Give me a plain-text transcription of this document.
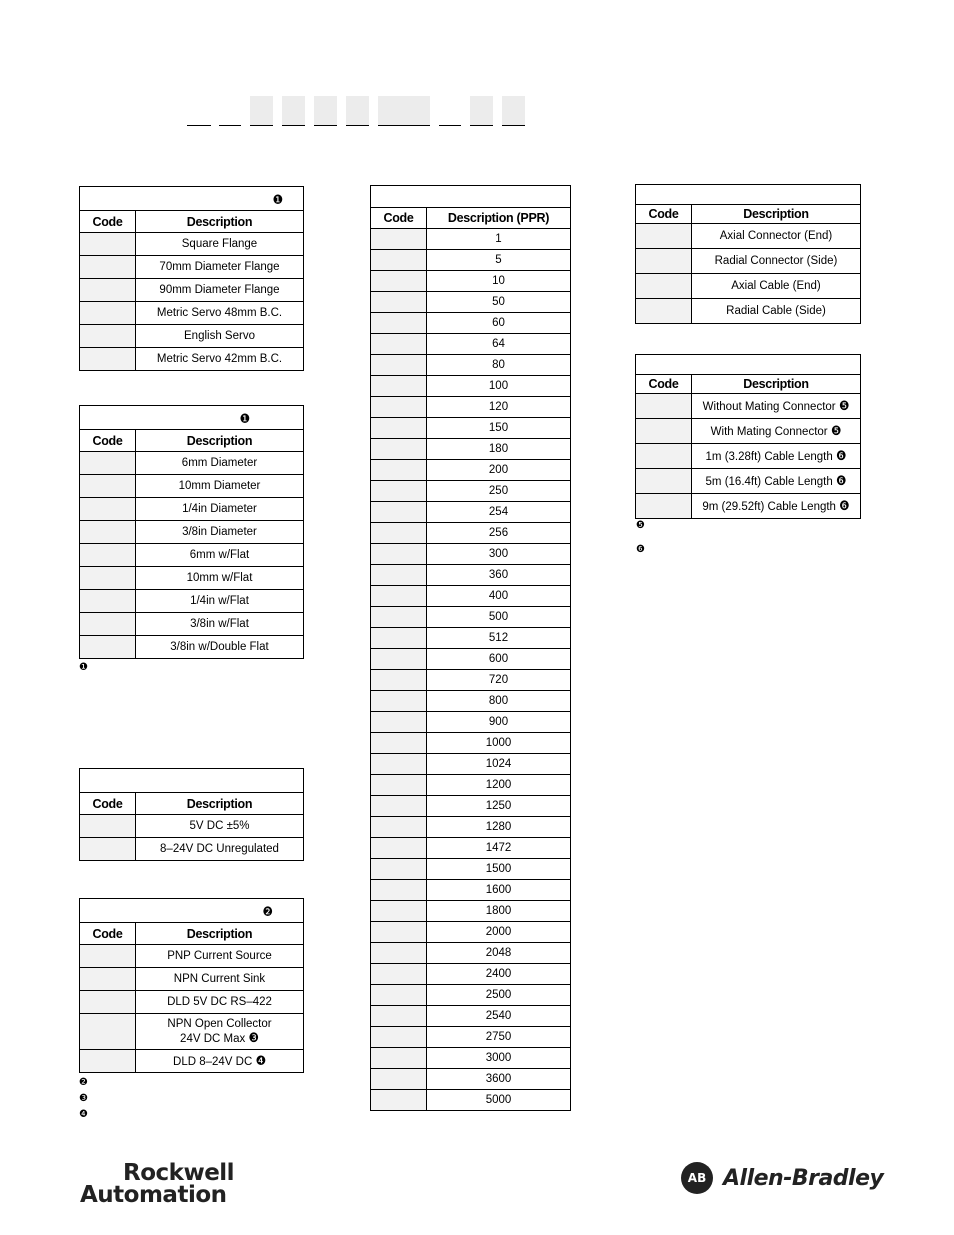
❶	
Code	Description
	Square Flange
	70mm Diameter Flange
	90mm Diameter Flange
	Metric Servo 48mm B.C.
	English Servo
	Metric Servo 42mm B.C.
❶	
Code	Description
	6mm Diameter
	10mm Diameter
	1/4in Diameter
	3/8in Diameter
	6mm w/Flat
	10mm w/Flat
	1/4in w/Flat
	3/8in w/Flat
	3/8in w/Double Flat
❶

Code	Description
	5V DC ±5%
	8–24V DC Unregulated
❷	
Code	Description
	PNP Current Source
	NPN Current Sink
	DLD 5V DC RS–422
	NPN Open Collector
24V DC Max ❸
	DLD 8–24V DC ❹
❷
❸
❹

Code	Description (PPR)
	1
	5
	10
	50
	60
	64
	80
	100
	120
	150
	180
	200
	250
	254
	256
	300
	360
	400
	500
	512
	600
	720
	800
	900
	1000
	1024
	1200
	1250
	1280
	1472
	1500
	1600
	1800
	2000
	2048
	2400
	2500
	2540
	2750
	3000
	3600
	5000

Code	Description
	Axial Connector (End)
	Radial Connector (Side)
	Axial Cable (End)
	Radial Cable (Side)

Code	Description
	Without Mating Connector ❺
	With Mating Connector ❺
	1m (3.28ft) Cable Length ❻
	5m (16.4ft) Cable Length ❻
	9m (29.52ft) Cable Length ❻
❺
❻
Rockwell
Automation
AB Allen-Bradley
